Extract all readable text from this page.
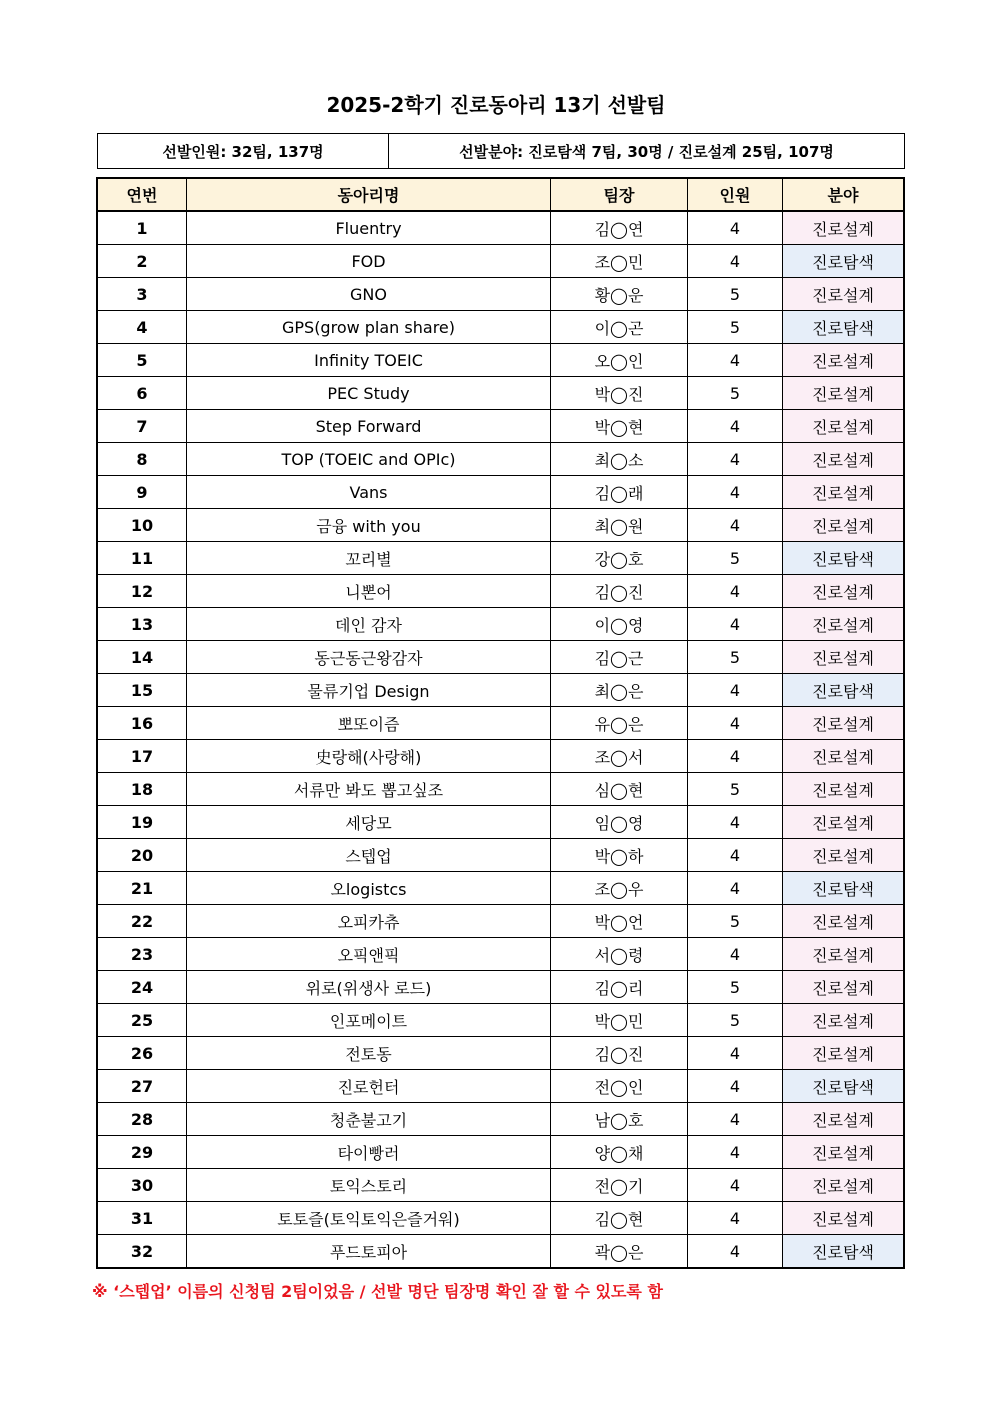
2025-2학기 진로동아리 13기 선발팀
선발인원: 32팀, 137명	선발분야: 진로탐색 7팀, 30명 / 진로설계 25팀, 107명
연번	동아리명	팀장	인원	분야
1	Fluentry	김◯연	4	진로설계
2	FOD	조◯민	4	진로탐색
3	GNO	황◯운	5	진로설계
4	GPS(grow plan share)	이◯곤	5	진로탐색
5	Infinity TOEIC	오◯인	4	진로설계
6	PEC Study	박◯진	5	진로설계
7	Step Forward	박◯현	4	진로설계
8	TOP (TOEIC and OPIc)	최◯소	4	진로설계
9	Vans	김◯래	4	진로설계
10	금융 with you	최◯원	4	진로설계
11	꼬리별	강◯호	5	진로탐색
12	니뽄어	김◯진	4	진로설계
13	데인 감자	이◯영	4	진로설계
14	동근동근왕감자	김◯근	5	진로설계
15	물류기업 Design	최◯은	4	진로탐색
16	뽀또이즘	유◯은	4	진로설계
17	史랑해(사랑해)	조◯서	4	진로설계
18	서류만 봐도 뽑고싶조	심◯현	5	진로설계
19	세당모	임◯영	4	진로설계
20	스텝업	박◯하	4	진로설계
21	오logistcs	조◯우	4	진로탐색
22	오피카츄	박◯언	5	진로설계
23	오픽앤픽	서◯령	4	진로설계
24	위로(위생사 로드)	김◯리	5	진로설계
25	인포메이트	박◯민	5	진로설계
26	전토동	김◯진	4	진로설계
27	진로헌터	전◯인	4	진로탐색
28	청춘불고기	남◯호	4	진로설계
29	타이빵러	양◯채	4	진로설계
30	토익스토리	전◯기	4	진로설계
31	토토즐(토익토익은즐거워)	김◯현	4	진로설계
32	푸드토피아	곽◯은	4	진로탐색
※ ‘스텝업’ 이름의 신청팀 2팀이었음 / 선발 명단 팀장명 확인 잘 할 수 있도록 함
